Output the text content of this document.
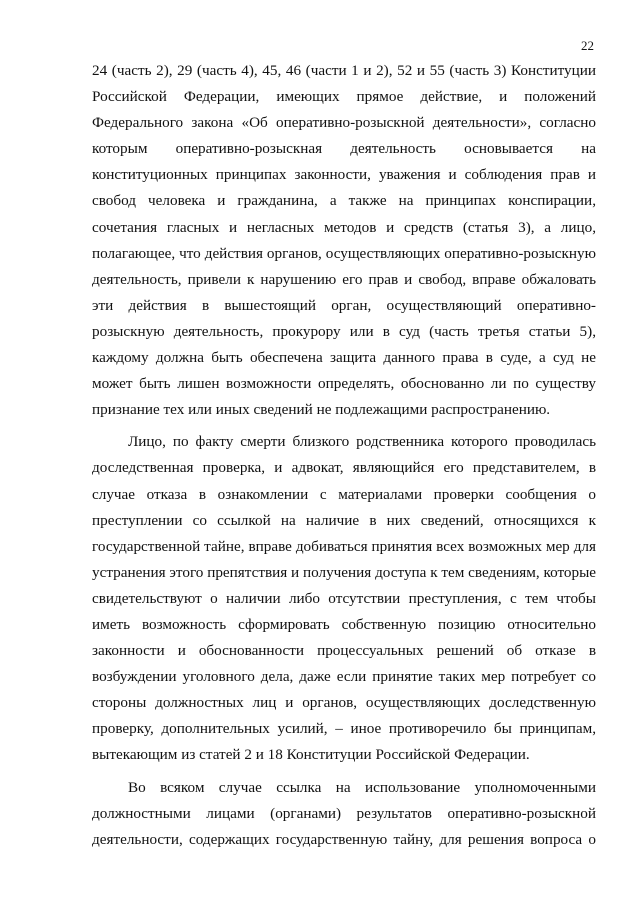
22
24 (часть 2), 29 (часть 4), 45, 46 (части 1 и 2), 52 и 55 (часть 3) Конституции
Российской Федерации, имеющих прямое действие, и положений
Федерального закона «Об оперативно-розыскной деятельности», согласно
которым оперативно-розыскная деятельность основывается на
конституционных принципах законности, уважения и соблюдения прав и
свобод человека и гражданина, а также на принципах конспирации,
сочетания гласных и негласных методов и средств (статья 3), а лицо,
полагающее, что действия органов, осуществляющих оперативно-розыскную
деятельность, привели к нарушению его прав и свобод, вправе обжаловать
эти действия в вышестоящий орган, осуществляющий оперативно-
розыскную деятельность, прокурору или в суд (часть третья статьи 5),
каждому должна быть обеспечена защита данного права в суде, а суд не
может быть лишен возможности определять, обоснованно ли по существу
признание тех или иных сведений не подлежащими распространению.
Лицо, по факту смерти близкого родственника которого проводилась
доследственная проверка, и адвокат, являющийся его представителем, в
случае отказа в ознакомлении с материалами проверки сообщения о
преступлении со ссылкой на наличие в них сведений, относящихся к
государственной тайне, вправе добиваться принятия всех возможных мер для
устранения этого препятствия и получения доступа к тем сведениям, которые
свидетельствуют о наличии либо отсутствии преступления, с тем чтобы
иметь возможность сформировать собственную позицию относительно
законности и обоснованности процессуальных решений об отказе в
возбуждении уголовного дела, даже если принятие таких мер потребует со
стороны должностных лиц и органов, осуществляющих доследственную
проверку, дополнительных усилий, – иное противоречило бы принципам,
вытекающим из статей 2 и 18 Конституции Российской Федерации.
Во всяком случае ссылка на использование уполномоченными
должностными лицами (органами) результатов оперативно-розыскной
деятельности, содержащих государственную тайну, для решения вопроса о
